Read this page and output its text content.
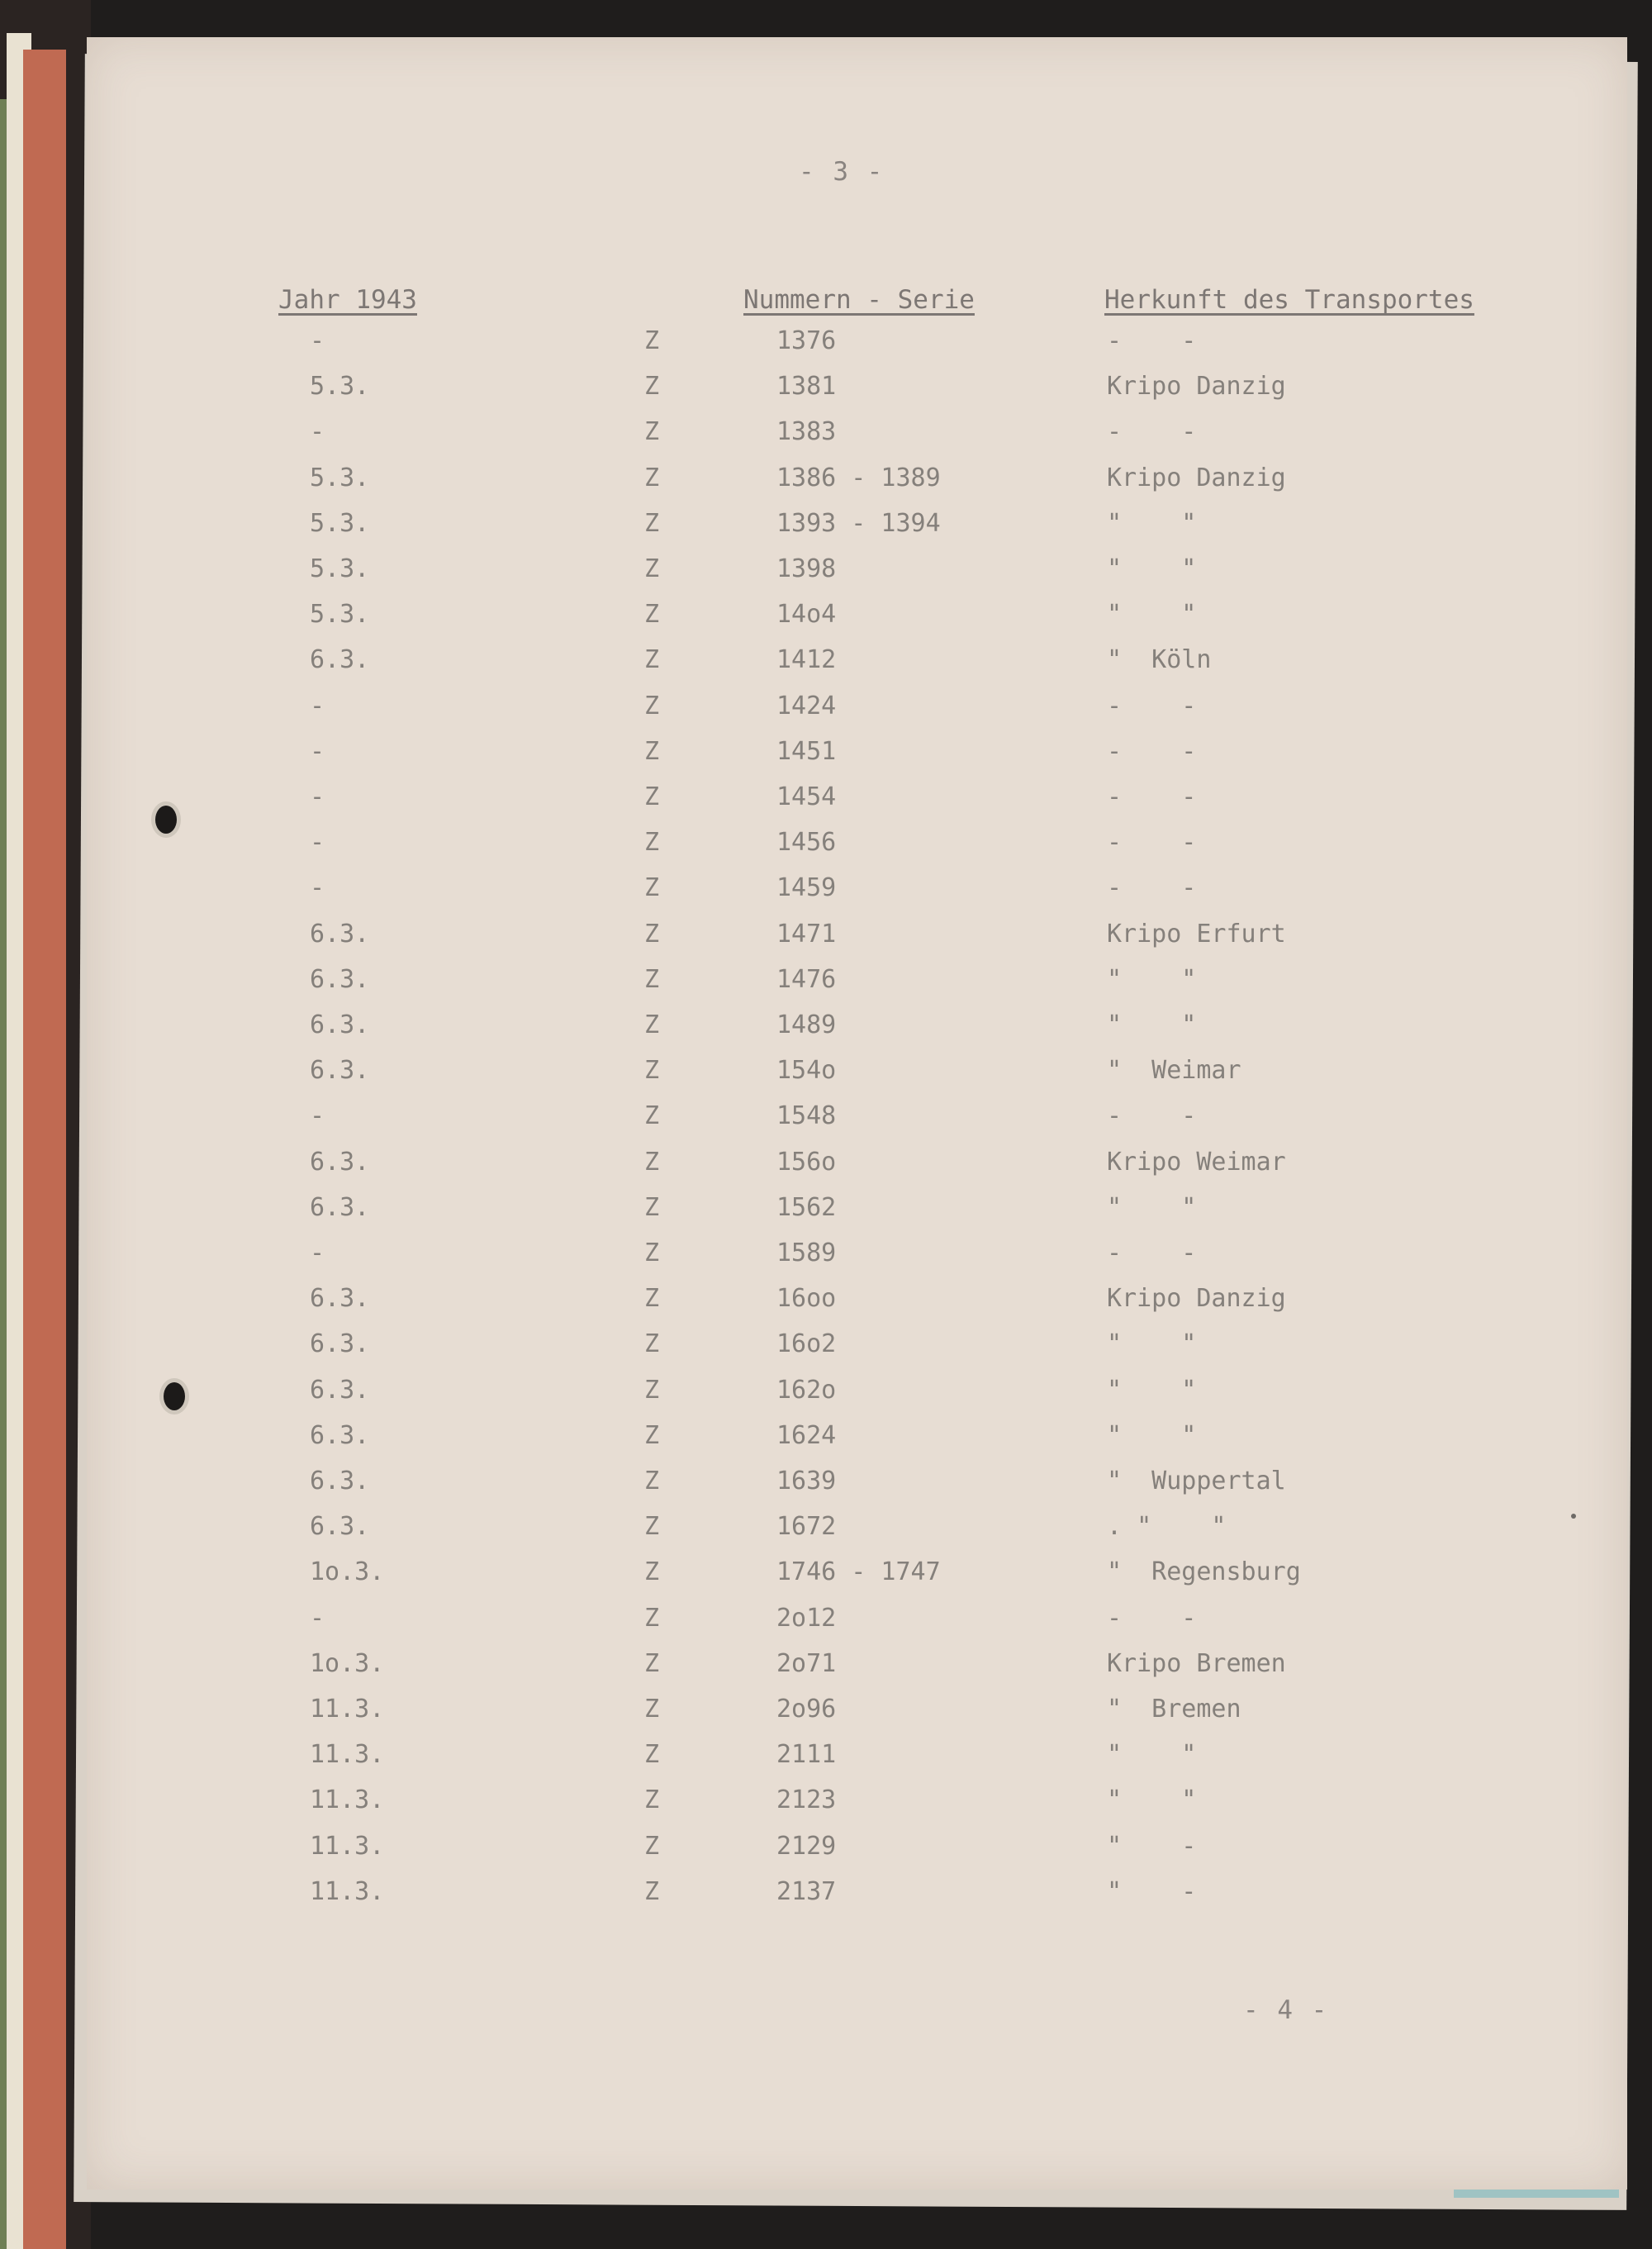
- 3 -
Jahr 1943	Nummern - Serie	Herkunft des Transportes
-	Z	1376	-    -
5.3.	Z	1381	Kripo Danzig
-	Z	1383	-    -
5.3.	Z	1386 - 1389	Kripo Danzig
5.3.	Z	1393 - 1394	"    "
5.3.	Z	1398	"    "
5.3.	Z	14o4	"    "
6.3.	Z	1412	"  Köln
-	Z	1424	-    -
-	Z	1451	-    -
-	Z	1454	-    -
-	Z	1456	-    -
-	Z	1459	-    -
6.3.	Z	1471	Kripo Erfurt
6.3.	Z	1476	"    "
6.3.	Z	1489	"    "
6.3.	Z	154o	"  Weimar
-	Z	1548	-    -
6.3.	Z	156o	Kripo Weimar
6.3.	Z	1562	"    "
-	Z	1589	-    -
6.3.	Z	16oo	Kripo Danzig
6.3.	Z	16o2	"    "
6.3.	Z	162o	"    "
6.3.	Z	1624	"    "
6.3.	Z	1639	"  Wuppertal
6.3.	Z	1672	. "    "
1o.3.	Z	1746 - 1747	"  Regensburg
-	Z	2o12	-    -
1o.3.	Z	2o71	Kripo Bremen
11.3.	Z	2o96	"  Bremen
11.3.	Z	2111	"    "
11.3.	Z	2123	"    "
11.3.	Z	2129	"    -
11.3.	Z	2137	"    -
- 4 -
